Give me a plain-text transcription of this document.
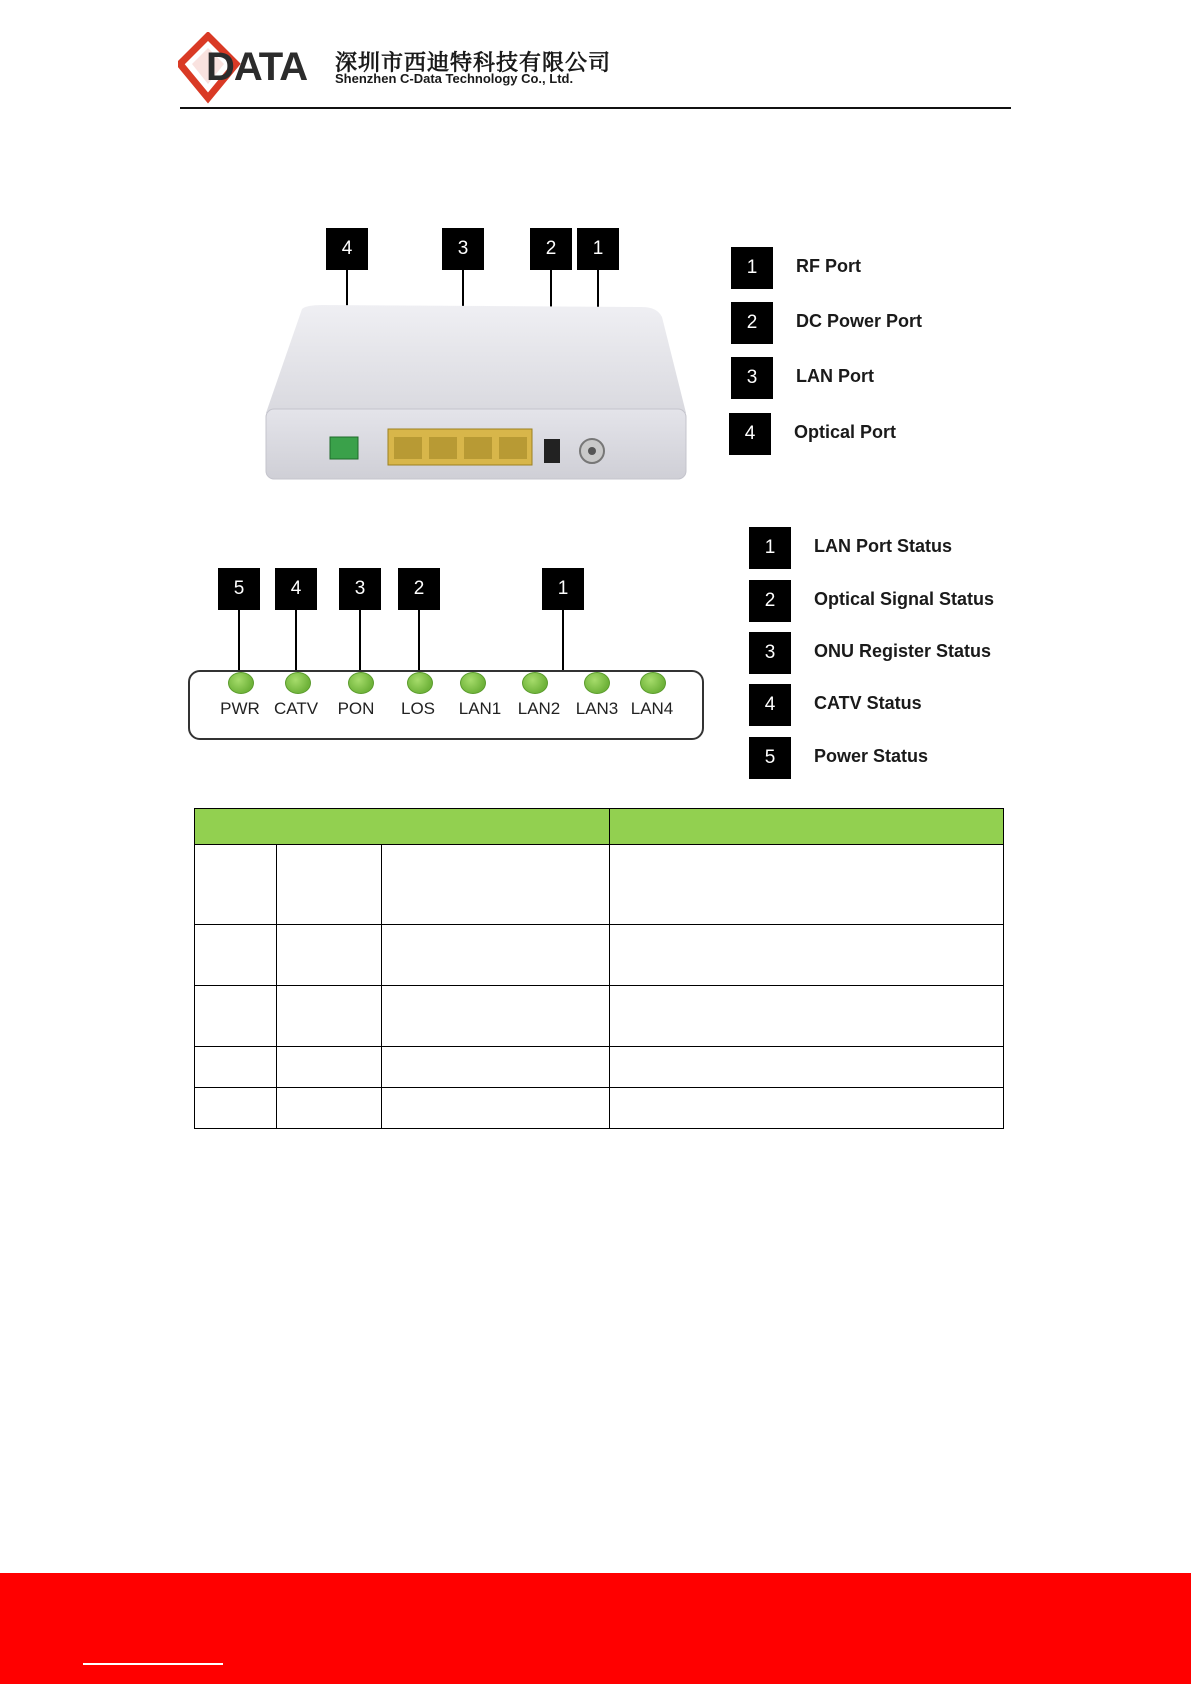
DATA 深圳市西迪特科技有限公司
Shenzhen C-Data Technology Co., Ltd.
4	3	2	1
1	RF Port
2	DC Power Port
3	LAN Port
4	Optical Port
5	4	3	2	1
PWR CATV PON LOS LAN1 LAN2 LAN3 LAN4
1	LAN Port Status
2	Optical Signal Status
3	ONU Register Status
4	CATV Status
5	Power Status
